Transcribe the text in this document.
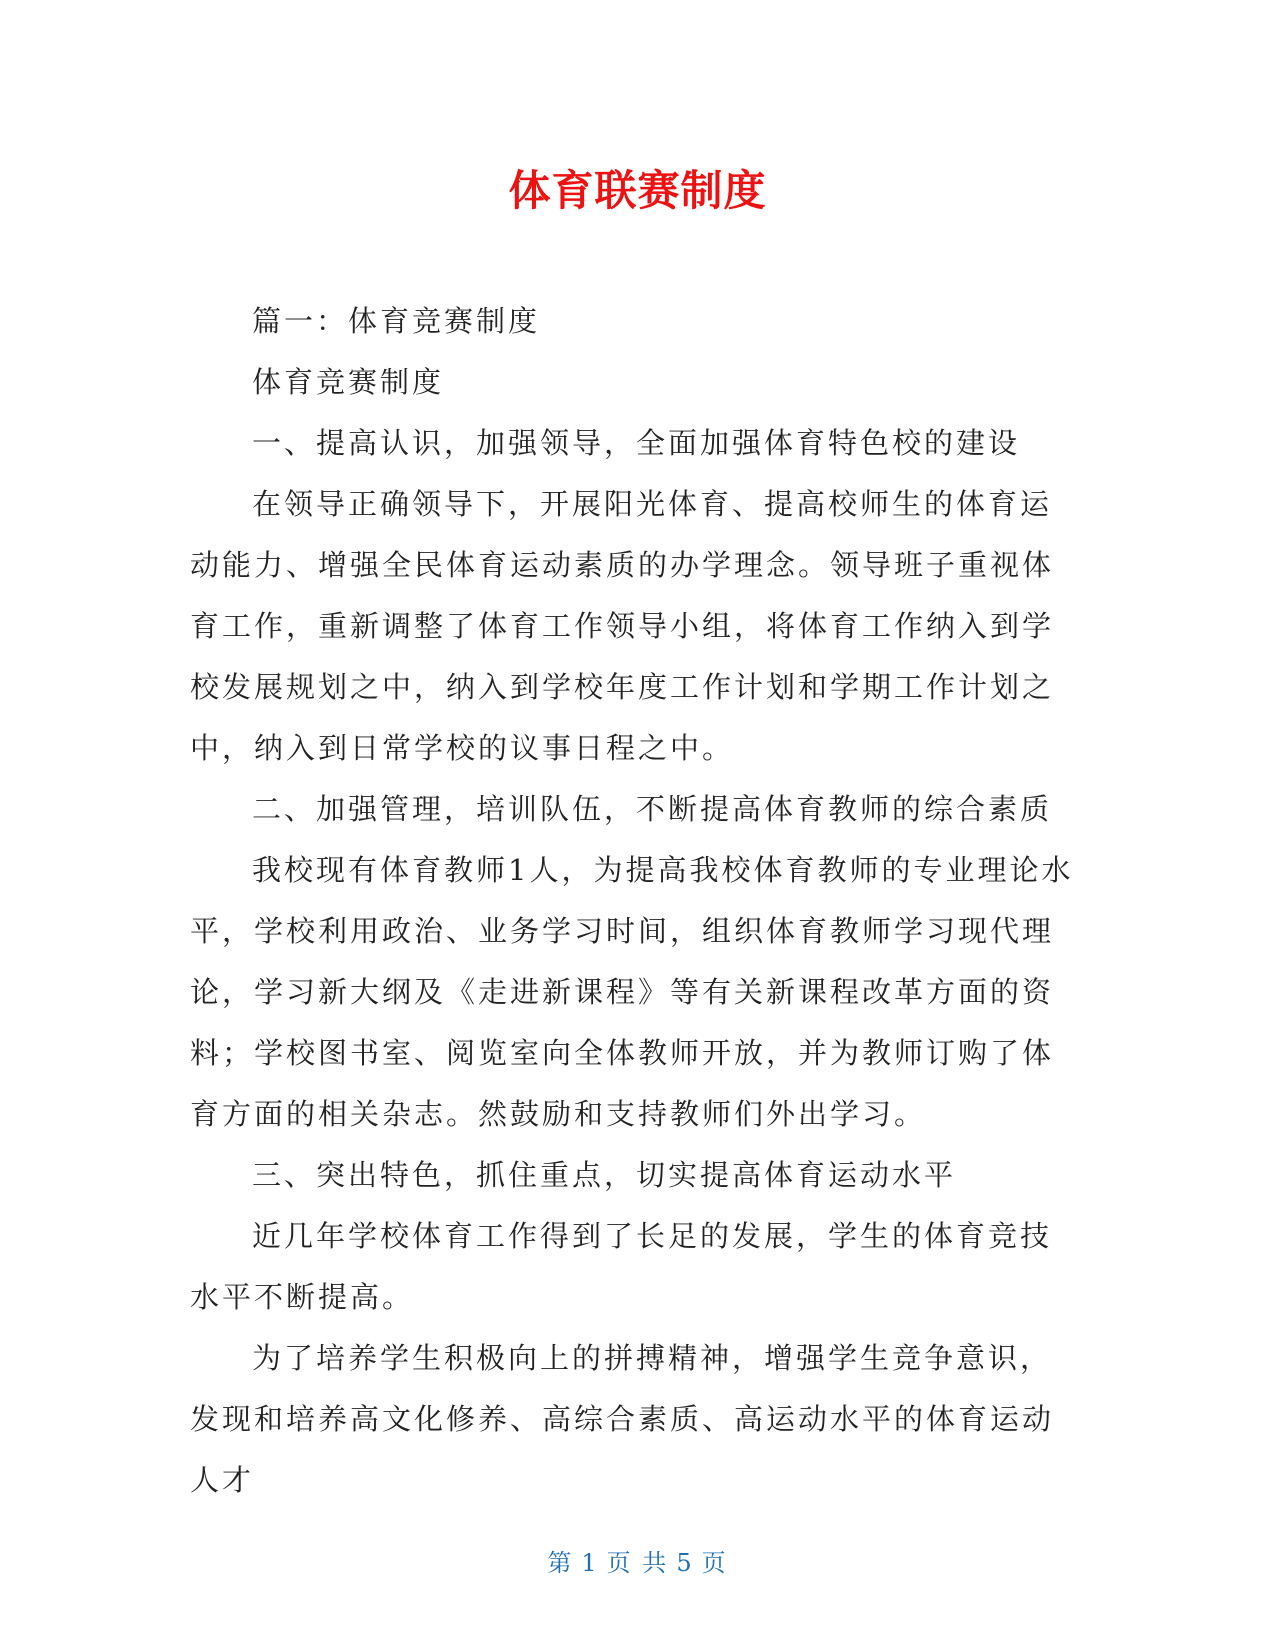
体育联赛制度

篇一：体育竞赛制度

体育竞赛制度

一、提高认识，加强领导，全面加强体育特色校的建设

在领导正确领导下，开展阳光体育、提高校师生的体育运动能力、增强全民体育运动素质的办学理念。领导班子重视体育工作，重新调整了体育工作领导小组，将体育工作纳入到学校发展规划之中，纳入到学校年度工作计划和学期工作计划之中，纳入到日常学校的议事日程之中。

二、加强管理，培训队伍，不断提高体育教师的综合素质

我校现有体育教师1人，为提高我校体育教师的专业理论水平，学校利用政治、业务学习时间，组织体育教师学习现代理论，学习新大纲及《走进新课程》等有关新课程改革方面的资料；学校图书室、阅览室向全体教师开放，并为教师订购了体育方面的相关杂志。然鼓励和支持教师们外出学习。

三、突出特色，抓住重点，切实提高体育运动水平

近几年学校体育工作得到了长足的发展，学生的体育竞技水平不断提高。

为了培养学生积极向上的拼搏精神，增强学生竞争意识，发现和培养高文化修养、高综合素质、高运动水平的体育运动人才

第 1 页 共 5 页
